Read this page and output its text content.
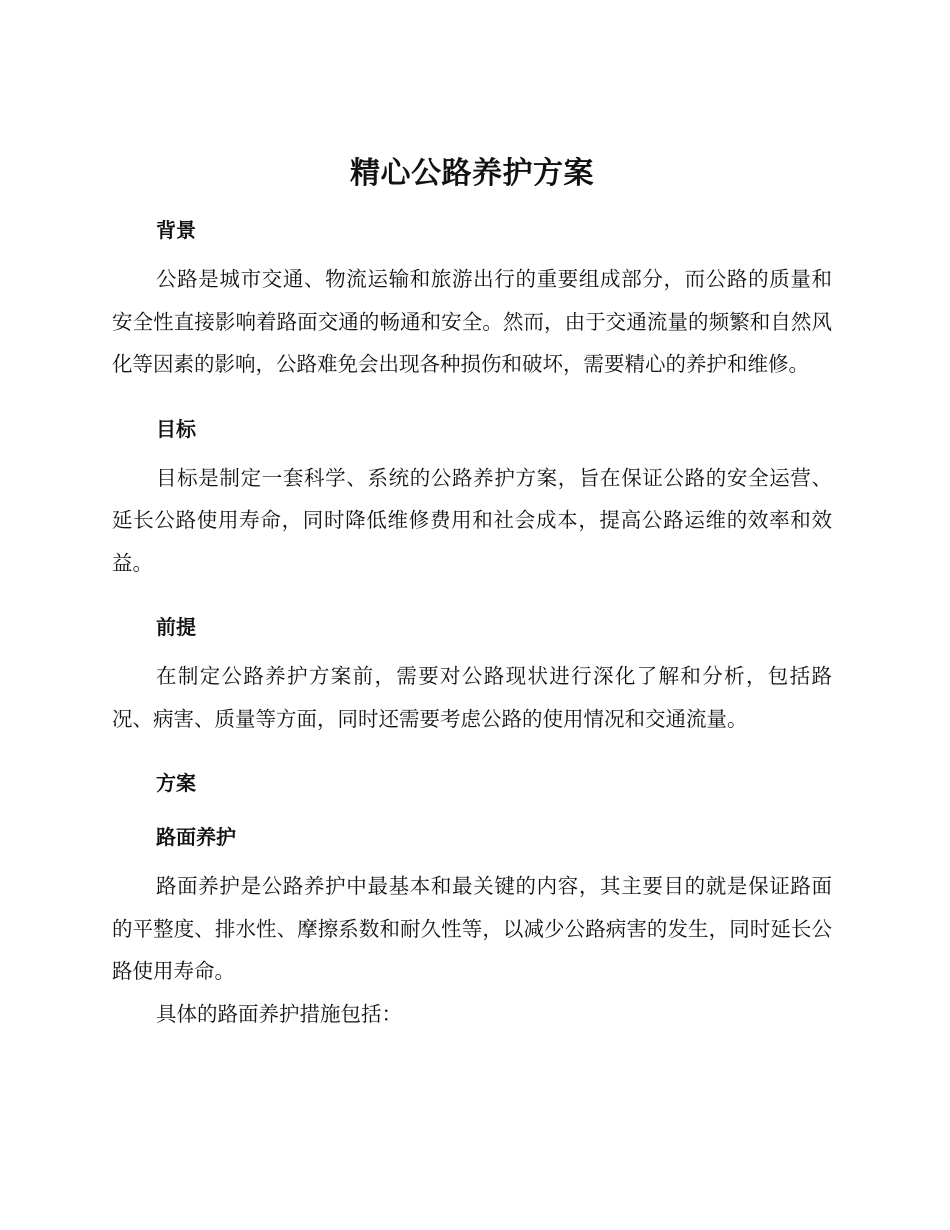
精心公路养护方案
背景

公路是城市交通、物流运输和旅游出行的重要组成部分，而公路的质量和安全性直接影响着路面交通的畅通和安全。然而，由于交通流量的频繁和自然风化等因素的影响，公路难免会出现各种损伤和破坏，需要精心的养护和维修。

目标

目标是制定一套科学、系统的公路养护方案，旨在保证公路的安全运营、延长公路使用寿命，同时降低维修费用和社会成本，提高公路运维的效率和效益。

前提

在制定公路养护方案前，需要对公路现状进行深化了解和分析，包括路况、病害、质量等方面，同时还需要考虑公路的使用情况和交通流量。

方案
路面养护

路面养护是公路养护中最基本和最关键的内容，其主要目的就是保证路面的平整度、排水性、摩擦系数和耐久性等，以减少公路病害的发生，同时延长公路使用寿命。

具体的路面养护措施包括：
